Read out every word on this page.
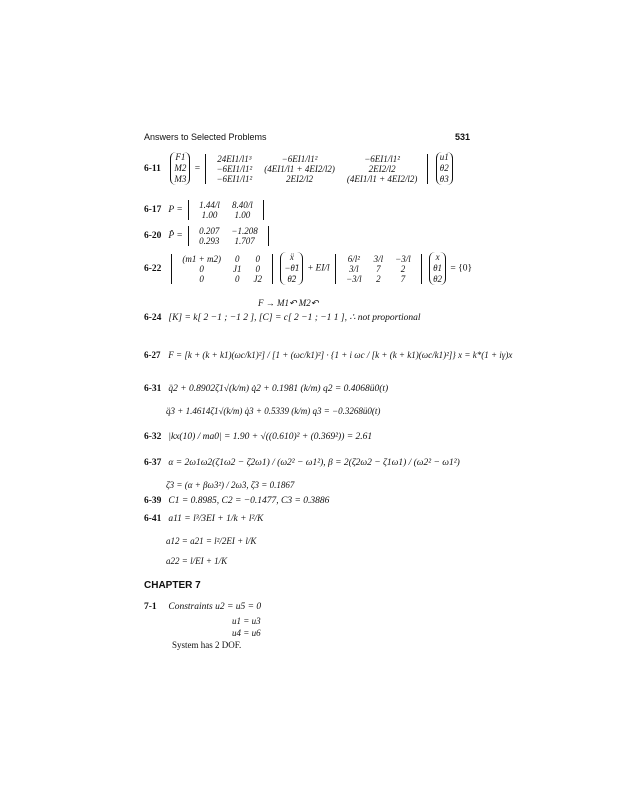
Answers to Selected Problems	531
6-11
F1
M2
M3
=
24EI1/l1³	−6EI1/l1²	−6EI1/l1²
−6EI1/l1²	(4EI1/l1 + 4EI2/l2)	2EI2/l2
−6EI1/l1²	2EI2/l2	(4EI1/l1 + 4EI2/l2)

u1
θ2
θ3
6-17 P =
1.44/l	8.40/l
1.00	1.00
6-20 P̂ =
0.207	−1.208
0.293	1.707
6-22
(m1 + m2)	0	0
0	J1	0
0	0	J2

ẍ
−θ̈1
θ̈2
+ EI/l
6/l²	3/l	−3/l
3/l	7	2
−3/l	2	7

x
θ1
θ2
= {0}
F → M1↶ M2↶
6-24 [K] = k[ 2 −1 ; −1 2 ], [C] = c[ 2 −1 ; −1 1 ], ∴ not proportional
6-27 F = [k + (k + k1)(ωc/k1)²] / [1 + (ωc/k1)²] · {1 + i ωc / [k + (k + k1)(ωc/k1)²]} x = k*(1 + iγ)x
6-31 q̈2 + 0.8902ζ1√(k/m) q̇2 + 0.1981 (k/m) q2 = 0.4068ü0(t)
q̈3 + 1.4614ζ1√(k/m) q̇3 + 0.5339 (k/m) q3 = −0.3268ü0(t)
6-32 |kx(10) / ma0| = 1.90 + √((0.610)² + (0.369²)) = 2.61
6-37 α = 2ω1ω2(ζ1ω2 − ζ2ω1) / (ω2² − ω1²), β = 2(ζ2ω2 − ζ1ω1) / (ω2² − ω1²)
ζ3 = (α + βω3²) / 2ω3, ζ3 = 0.1867
6-39 C1 = 0.8985, C2 = −0.1477, C3 = 0.3886
6-41 a11 = l³/3EI + 1/k + l²/K
a12 = a21 = l²/2EI + l/K
a22 = l/EI + 1/K
CHAPTER 7
7-1 Constraints u2 = u5 = 0
u1 = u3
u4 = u6
System has 2 DOF.
